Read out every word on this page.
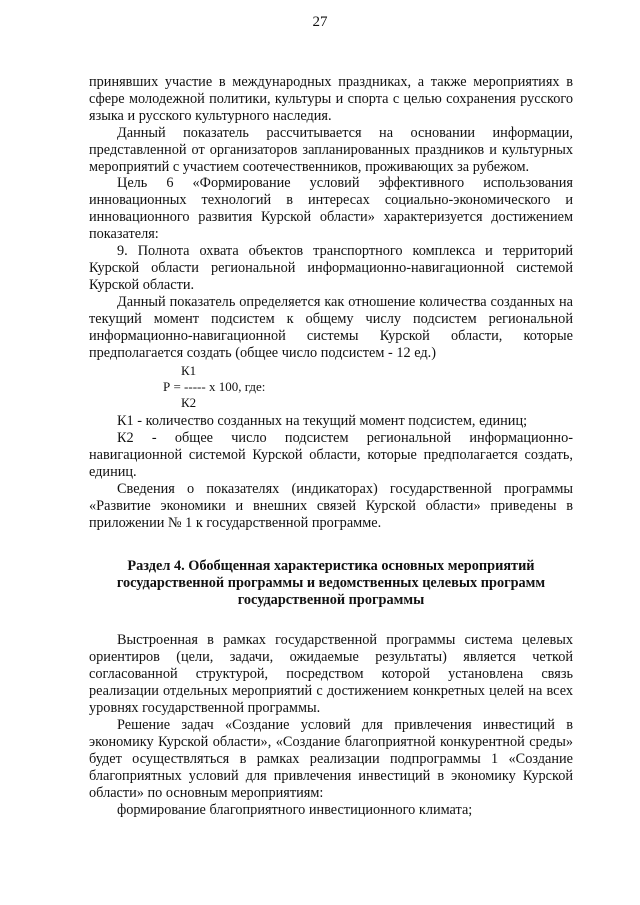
27

принявших участие в международных праздниках, а также мероприятиях в сфере молодежной политики, культуры и спорта с целью сохранения русского языка и русского культурного наследия.

Данный показатель рассчитывается на основании информации, представленной от организаторов запланированных праздников и культурных мероприятий с участием соотечественников, проживающих за рубежом.

Цель 6 «Формирование условий эффективного использования инновационных технологий в интересах социально-экономического и инновационного развития Курской области» характеризуется достижением показателя:

9. Полнота охвата объектов транспортного комплекса и территорий Курской области региональной информационно-навигационной системой Курской области.

Данный показатель определяется как отношение количества созданных на текущий момент подсистем к общему числу подсистем региональной информационно-навигационной системы Курской области, которые предполагается создать (общее число подсистем - 12 ед.)

К1
Р = ----- х 100, где:
К2

К1 - количество созданных на текущий момент подсистем, единиц;

К2 - общее число подсистем региональной информационно-навигационной системой Курской области, которые предполагается создать, единиц.

Сведения о показателях (индикаторах) государственной программы «Развитие экономики и внешних связей Курской области» приведены в приложении № 1 к государственной программе.

Раздел 4. Обобщенная характеристика основных мероприятий государственной программы и ведомственных целевых программ государственной программы

Выстроенная в рамках государственной программы система целевых ориентиров (цели, задачи, ожидаемые результаты) является четкой согласованной структурой, посредством которой установлена связь реализации отдельных мероприятий с достижением конкретных целей на всех уровнях государственной программы.

Решение задач «Создание условий для привлечения инвестиций в экономику Курской области», «Создание благоприятной конкурентной среды» будет осуществляться в рамках реализации подпрограммы 1 «Создание благоприятных условий для привлечения инвестиций в экономику Курской области» по основным мероприятиям:

формирование благоприятного инвестиционного климата;
